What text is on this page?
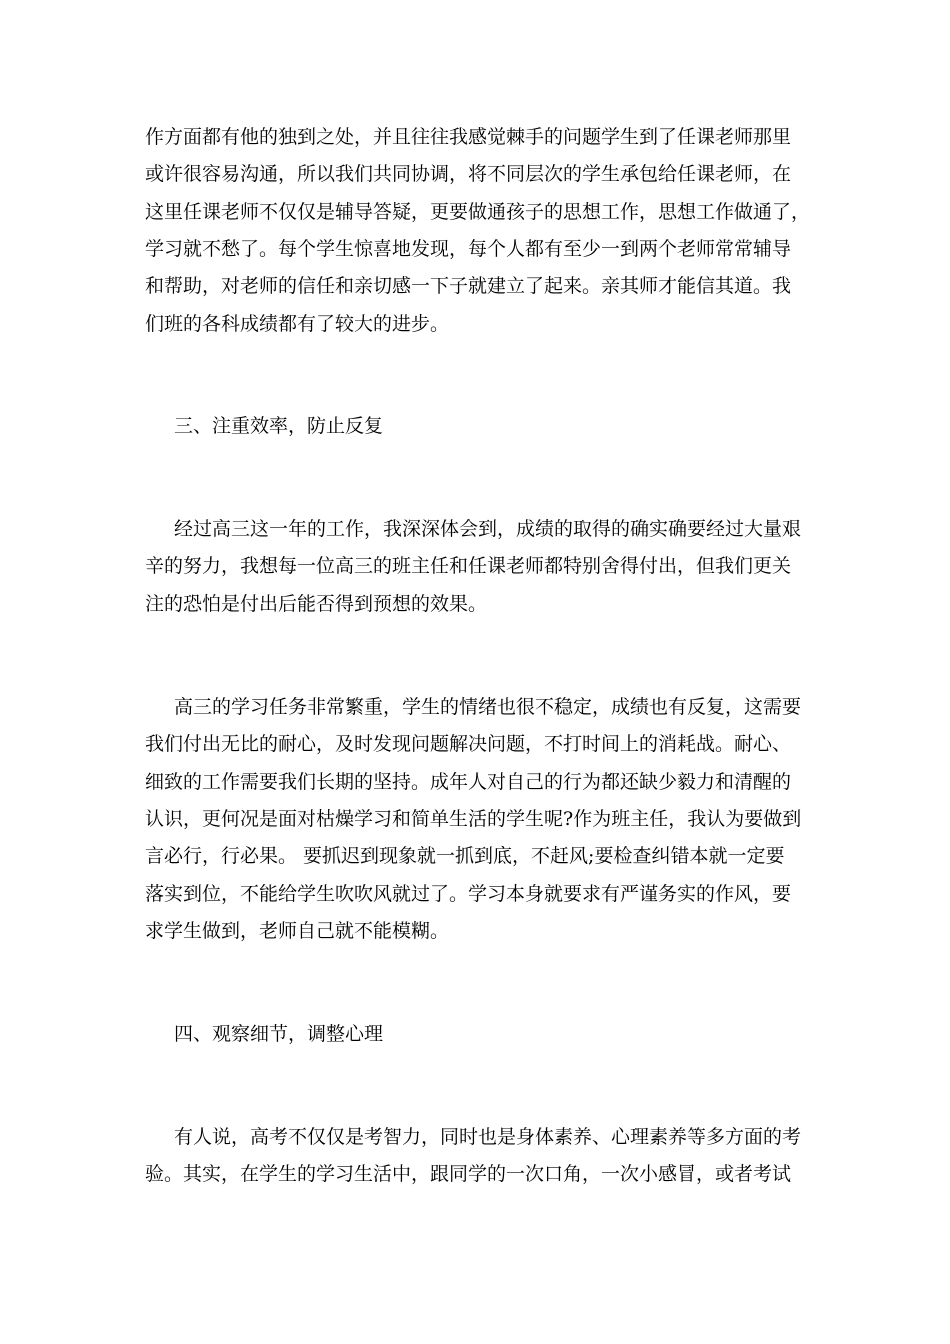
作方面都有他的独到之处，并且往往我感觉棘手的问题学生到了任课老师那里

或许很容易沟通，所以我们共同协调，将不同层次的学生承包给任课老师，在

这里任课老师不仅仅是辅导答疑，更要做通孩子的思想工作，思想工作做通了，

学习就不愁了。每个学生惊喜地发现，每个人都有至少一到两个老师常常辅导

和帮助，对老师的信任和亲切感一下子就建立了起来。亲其师才能信其道。我

们班的各科成绩都有了较大的进步。

三、注重效率，防止反复

经过高三这一年的工作，我深深体会到，成绩的取得的确实确要经过大量艰

辛的努力，我想每一位高三的班主任和任课老师都特别舍得付出，但我们更关

注的恐怕是付出后能否得到预想的效果。

高三的学习任务非常繁重，学生的情绪也很不稳定，成绩也有反复，这需要

我们付出无比的耐心，及时发现问题解决问题，不打时间上的消耗战。耐心、

细致的工作需要我们长期的坚持。成年人对自己的行为都还缺少毅力和清醒的

认识，更何况是面对枯燥学习和简单生活的学生呢?作为班主任，我认为要做到

言必行，行必果。 要抓迟到现象就一抓到底，不赶风;要检查纠错本就一定要

落实到位，不能给学生吹吹风就过了。学习本身就要求有严谨务实的作风，要

求学生做到，老师自己就不能模糊。

四、观察细节，调整心理

有人说，高考不仅仅是考智力，同时也是身体素养、心理素养等多方面的考

验。其实，在学生的学习生活中，跟同学的一次口角，一次小感冒，或者考试
